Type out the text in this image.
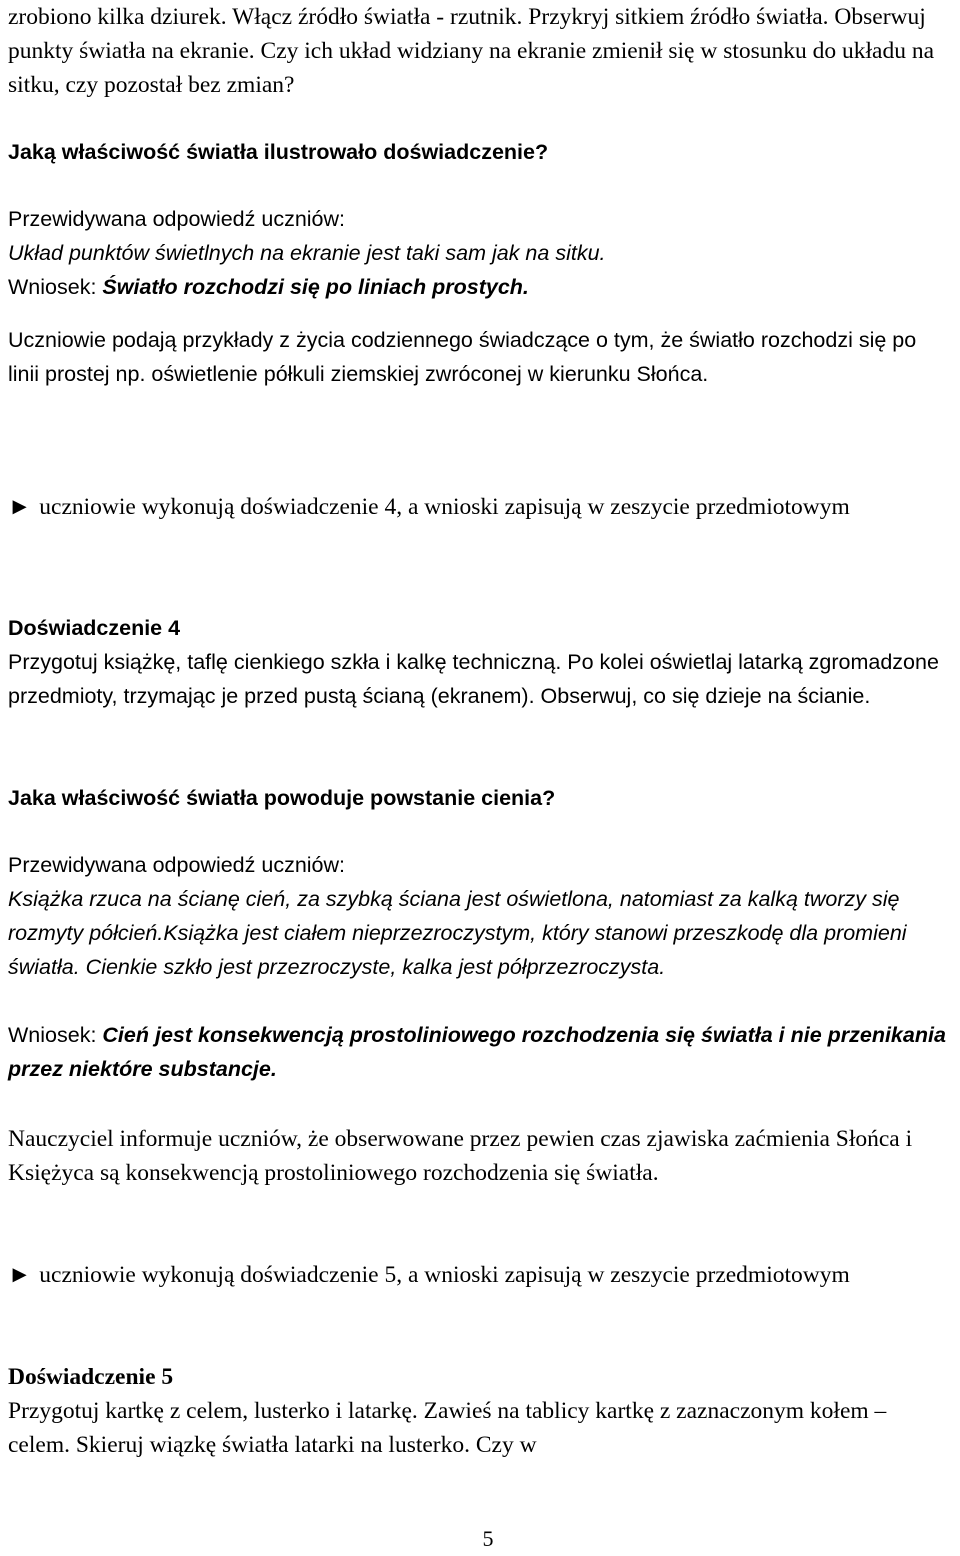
zrobiono kilka dziurek. Włącz źródło światła - rzutnik. Przykryj sitkiem źródło światła. Obserwuj punkty światła na ekranie. Czy ich układ widziany na ekranie zmienił się w stosunku do układu na sitku, czy pozostał bez zmian?

Jaką właściwość światła ilustrowało doświadczenie?

Przewidywana odpowiedź uczniów:

Układ punktów świetlnych na ekranie jest taki sam jak na sitku.

Wniosek: Światło rozchodzi się po liniach prostych.

Uczniowie podają przykłady z życia codziennego świadczące o tym, że światło rozchodzi się po linii prostej np. oświetlenie półkuli ziemskiej zwróconej w kierunku Słońca.

► uczniowie wykonują doświadczenie 4, a wnioski zapisują w zeszycie przedmiotowym

Doświadczenie 4

Przygotuj książkę, taflę cienkiego szkła i kalkę techniczną. Po kolei oświetlaj latarką zgromadzone przedmioty, trzymając je przed pustą ścianą (ekranem). Obserwuj, co się dzieje na ścianie.

Jaka właściwość światła powoduje powstanie cienia?

Przewidywana odpowiedź uczniów:

Książka rzuca na ścianę cień, za szybką ściana jest oświetlona, natomiast za kalką tworzy się rozmyty półcień.Książka jest ciałem nieprzezroczystym, który stanowi przeszkodę dla promieni światła. Cienkie szkło jest przezroczyste, kalka jest półprzezroczysta.

Wniosek: Cień jest konsekwencją prostoliniowego rozchodzenia się światła i nie przenikania przez niektóre substancje.

Nauczyciel informuje uczniów, że obserwowane przez pewien czas zjawiska zaćmienia Słońca i Księżyca są konsekwencją prostoliniowego rozchodzenia się światła.

► uczniowie wykonują doświadczenie 5, a wnioski zapisują w zeszycie przedmiotowym

Doświadczenie 5

Przygotuj kartkę z celem, lusterko i latarkę. Zawieś na tablicy kartkę z zaznaczonym kołem – celem. Skieruj wiązkę światła latarki na lusterko. Czy w

5
